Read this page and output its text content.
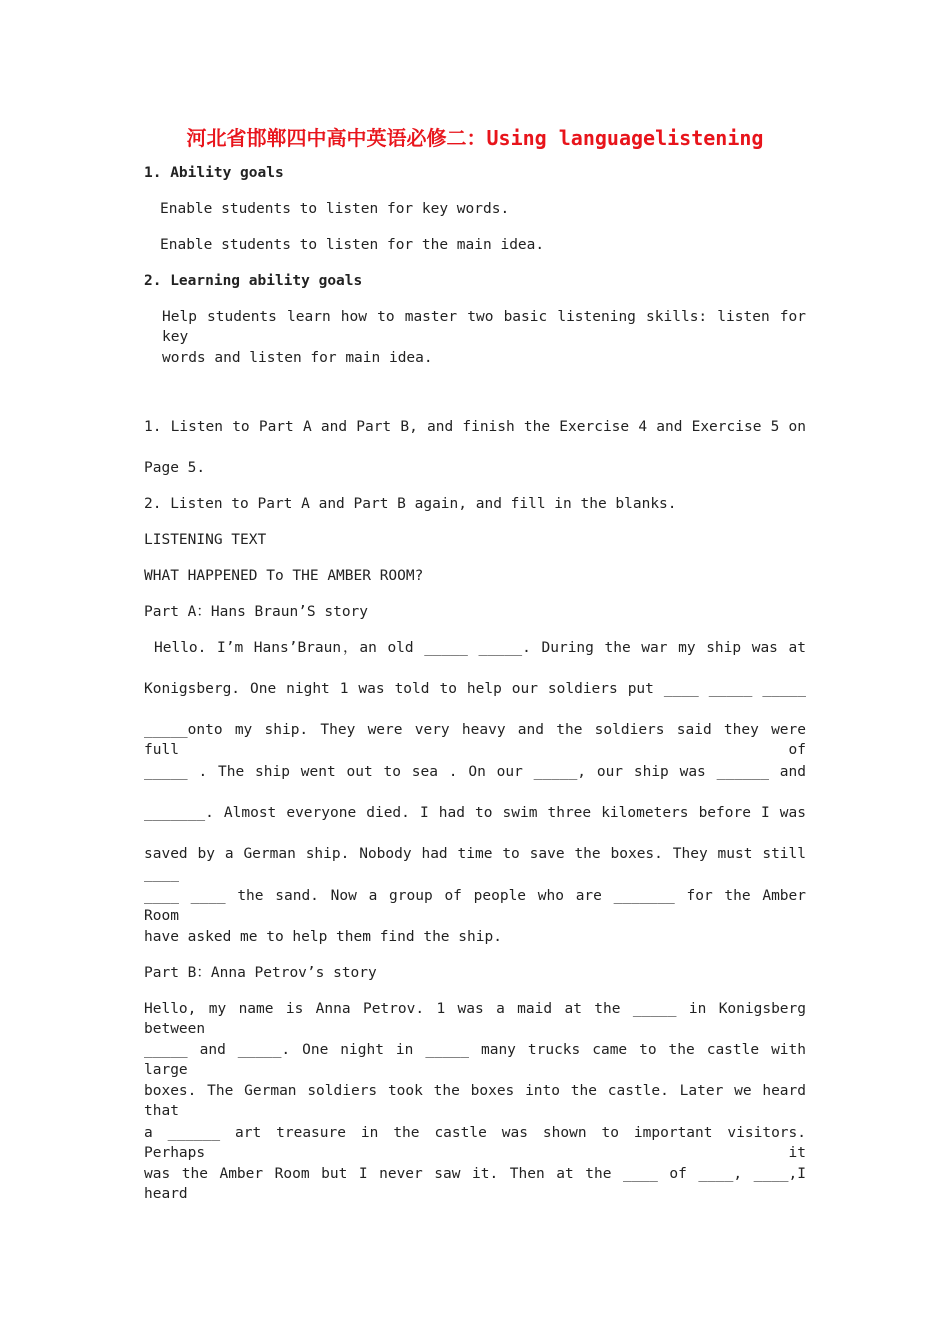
河北省邯郸四中高中英语必修二：Using languagelistening
1. Ability goals
Enable students to listen for key words.
Enable students to listen for the main idea.
2. Learning ability goals
Help students learn how to master two basic listening skills: listen for key
words and listen for main idea.
1. Listen to Part A and Part B, and finish the Exercise 4 and Exercise 5 on
Page 5.
2. Listen to Part A and Part B again, and fill in the blanks.
LISTENING TEXT
WHAT HAPPENED To THE AMBER ROOM?
Part A：Hans Braun’S story
Hello. I’m Hans’Braun，an old _____ _____. During the war my ship was at
Konigsberg. One night 1 was told to help our soldiers put ____ _____ _____
_____onto my ship. They were very heavy and the soldiers said they were full of
_____ . The ship went out to sea . On our _____, our ship was ______ and
_______. Almost everyone died. I had to swim three kilometers before I was
saved by a German ship. Nobody had time to save the boxes. They must still ____
____ ____ the sand. Now a group of people who are _______ for the Amber Room
have asked me to help them find the ship.
Part B：Anna Petrov’s story
Hello, my name is Anna Petrov. 1 was a maid at the _____ in Konigsberg between
_____ and _____. One night in _____ many trucks came to the castle with large
boxes. The German soldiers took the boxes into the castle. Later we heard that
a ______ art treasure in the castle was shown to important visitors. Perhaps it
was the Amber Room but I never saw it. Then at the ____ of ____, ____,I heard
